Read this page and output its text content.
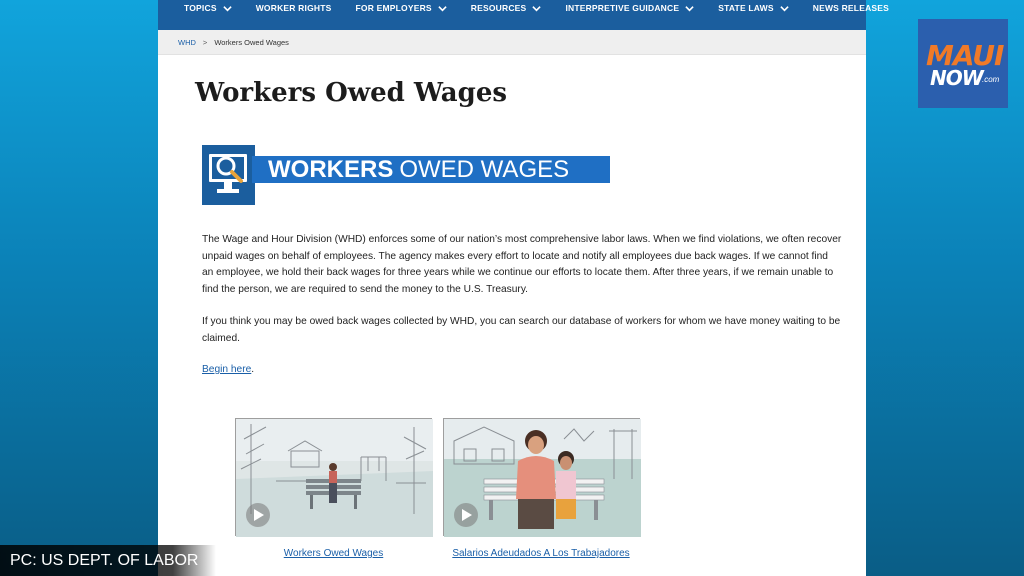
TOPICS	WORKER RIGHTS	FOR EMPLOYERS	RESOURCES	INTERPRETIVE GUIDANCE	STATE LAWS	NEWS RELEASES
WHD > Workers Owed Wages
Workers Owed Wages
WORKERS OWED WAGES

The Wage and Hour Division (WHD) enforces some of our nation’s most comprehensive labor laws. When we find violations, we often recover unpaid wages on behalf of employees. The agency makes every effort to locate and notify all employees due back wages. If we cannot find an employee, we hold their back wages for three years while we continue our efforts to locate them. After three years, if we remain unable to find the person, we are required to send the money to the U.S. Treasury.

If you think you may be owed back wages collected by WHD, you can search our database of workers for whom we have money waiting to be claimed.

Begin here.

Workers Owed Wages	Salarios Adeudados A Los Trabajadores
MAUI
NOW .com
PC: US DEPT. OF LABOR
